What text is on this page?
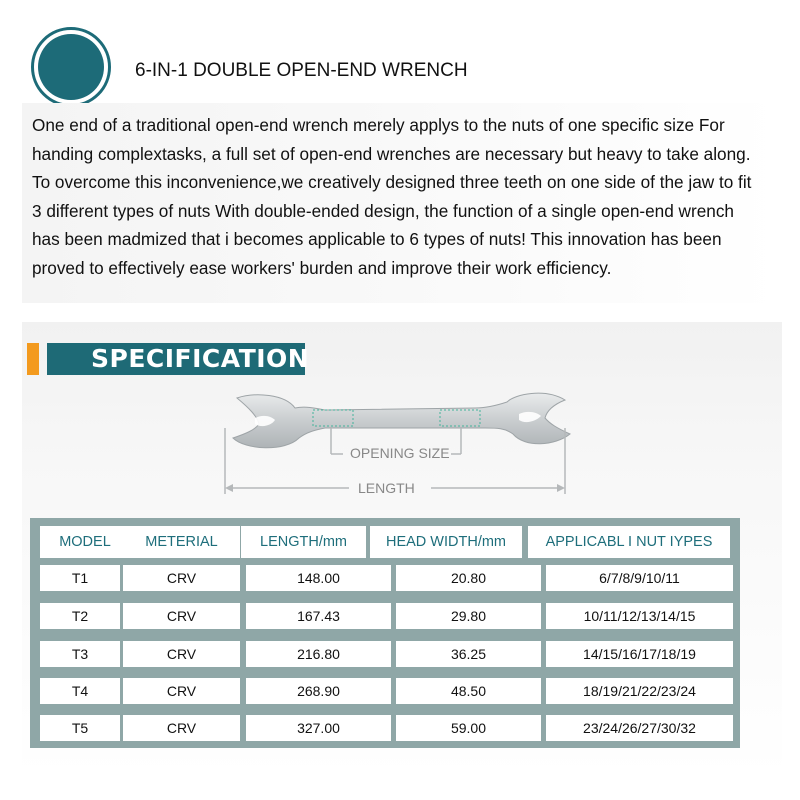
6-IN-1 DOUBLE OPEN-END WRENCH

One end of a traditional open-end wrench merely applys to the nuts of one specific size For handing complextasks, a full set of open-end wrenches are necessary but heavy to take along. To overcome this inconvenience,we creatively designed three teeth on one side of the jaw to fit 3 different types of nuts With double-ended design, the function of a single open-end wrench has been madmized that i becomes applicable to 6 types of nuts! This innovation has been proved to effectively ease workers' burden and improve their work efficiency.

SPECIFICATION
OPENING SIZE
LENGTH
MODEL	METERIAL	LENGTH/mm	HEAD WIDTH/mm	APPLICABL I NUT IYPES
T1	CRV	148.00	20.80	6/7/8/9/10/11
T2	CRV	167.43	29.80	10/11/12/13/14/15
T3	CRV	216.80	36.25	14/15/16/17/18/19
T4	CRV	268.90	48.50	18/19/21/22/23/24
T5	CRV	327.00	59.00	23/24/26/27/30/32
